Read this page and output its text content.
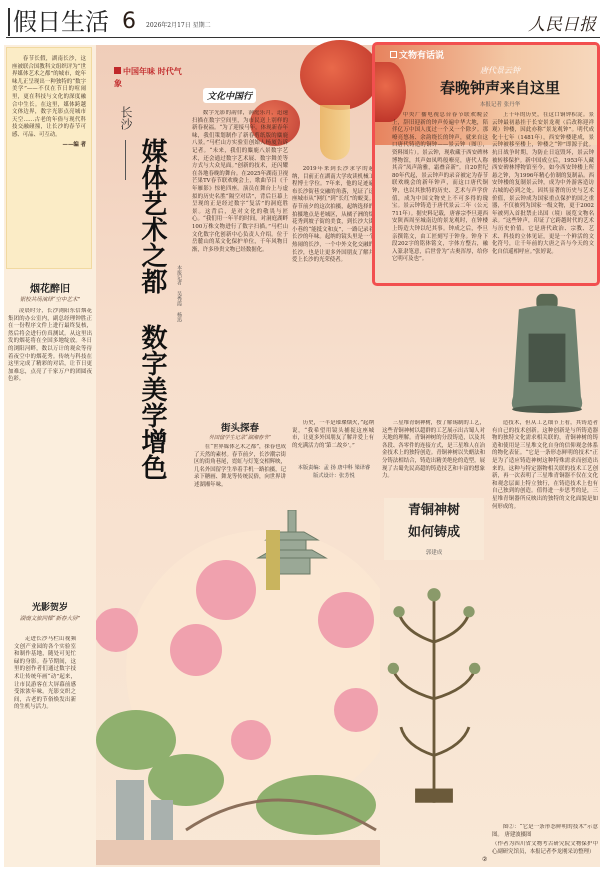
假日生活 6 2026年2月17日 星期二	人民日报
春节长假，湖南长沙，这座被联合国教科文组织评为“世界媒体艺术之都”的城市，蛇年味儿正呈现出一种独特的“数字美学”——不仅在节日的喧闹里，更在科技与文化的深度融合中生长。在这里，媒体跨越文体边界，数字光影点亮城市天空……古老的年俗与现代科技交融碰撞，让长沙的春节可感、可品、可互动。
——编 者
烟花醉旧
银校共场演绎“空中艺术”
凌晨时分，长沙浏阳东信烟花集团的办公室内，副总经理钟胜正在一份程序文件上进行最终复核，然后将会进行仿真测试。从这里出发的烟花将在全国多地绽放。冬日的浏阳河畔，数以万计的观众等待着夜空中的烟花秀。传统与科技在这里完成了精彩的对话，让节日更加难忘，点亮了千家万户的团圆夜色彩。
光影贺岁
湖南文旅同樑“新春大屏”
走进长沙马栏山视频文创产业园的各个实验室和制作基地，随处可见忙碌的身影。春节期间，这里的创作者们通过数字技术让传统年画“动”起来，让市民游客在大屏幕前感受浓浓年味。光影交织之间，古老的节俗焕发出新的生机与活力。
中国年味 时代气象
长沙
媒体艺术之都 数字美学增色 本报记者 吴秀霞 杨迅
文化中国行
数字光影的韵律，洞庭乐月，迅速扫描在数字空间里，为市民送上别样的新春祝福。“为了迎接马年，体现新春年味，我们策划制作了新春剪纸版的麋鹿八景。”马栏山方实验室创始人杨厦告诉记者。“未来，我们的麋鹿八景数字艺术，还会通过数字艺术展、数字舞美等方式与大众见面。”创新的技术，还闪耀在各地春晚的舞台。在2025年湖南卫视芒果TV春节联欢晚会上，歌曲节目《千年雁影》惊艳四座。演员在舞台上与虚拟的历史名胜“隔空对话”，背后巨幕上呈现的正是经过数字“复活”的洞庭胜景。这背后，是对文化的敬畏与匠心。“我们用一年半的时间，对洞庭湖畔100万株文物进行了数字扫描。”马栏山文化数字化创新中心负责人介绍。位于岳麓山的某文化保护单位，千年风物日渐，许多珍贵文物已经数据化。
2019年来到长沙求学的起纳，目前正在湖南大学攻读机械工程博士学位。7年来，他的足迹遍布长沙街巷交融的角落，见证了这座城市从“网红”到“长红”的蜕变。春节前夕的这次拍摄，起纳选择的拍摄地点是老城区，从橘子洲的烟花秀到坡子街的美食，到长沙大街小巷的“能抵文和友”，一路记录着长沙的年味。起纳的镜头里是一个热闹的长沙，一个中外文化交融的长沙，也是让更多外国朋友了解并爱上长沙的光荣使者。
街头探春
外国留学生记录“湖湘春节”
在“世界媒体艺术之都”，探春也成了天然的素材。春节前夕，长沙潮宗街区的街角巷尾，霓虹与灯笼交相辉映，几名外国留学生举着手机一路拍摄，记录下糖画、舞龙等传统民俗，向世界讲述湖湘年味。
历史，一半是璀璨烟火，”起纳说，“我希望用镜头捕捉这座城市，让更多外国朋友了解并爱上有的充满活力的‘第二故乡’。”
本版责编：孟 扬 唐中科 梁译睿
版式设计：张芳悦
文物有话说
唐代景云钟
春晚钟声来自这里
本报记者 张丹华
中央广播电视总台春节联欢晚会上，辞旧迎新的钟声传遍中华大地，陪伴亿万中国人度过一个又一个除夕。那嘹亮悠扬、余韵绕长的钟声，就来自这口唐代铸造的铜钟——景云钟（图①，资料图片）。景云钟，现收藏于西安碑林博物馆，其声如凤鸣般嘹亮，唐代人称其音“凤声韵雅，霜叠音新”。自20世纪80年代起，景云钟声的录音被定为春节联欢晚会的新年钟声，而这口唐代铜钟，也以其独特的历史、艺术与声学价值，成为中国文物史上不可多得的瑰宝。景云钟铸造于唐代景云二年（公元711年）。据史料记载，唐睿宗李旦迎西安陕西周至城南边的景龙观时，在钟楼上铸造大钟以纪其事。钟成之后，李旦亲撰铭文，由工匠刻写于钟身。钟身下段202字的铭体铭文，字体方整古，融入篆隶笔意，后世誉为“古奥浑厚，给你它明可及也”。
上千年的历史，在这口铜钟积淀。景云钟最初悬挂于长安景龙观（后改称迎祥观）钟楼，因此亦称“景龙观钟”。明代成化十七年（1481年），西安钟楼建成，景云钟被移至楼上，钟楼之“钟”即源于此。抗日战争时期，为防止日寇毁坏，景云钟被转移保护。新中国成立后，1953年人藏西安碑林博物馆至今。如今西安钟楼上所悬之钟，为1996年精心仿制的复制品。西安钟楼的复制景云钟，成为中外游客造访古城的必到之处。因其显著的历史与艺术价值，景云钟成为国家重点保护的国之重器，不仅被列为国家一级文物，更于2002年被列入首批禁止出国（境）展览文物名录。“这些钟声，印证了它跨越时代的艺术与历史价值。它是唐代政治、宗教、艺术、科技的立体见证，更是一个鲜活的文化符号，让千年前的大唐之音与今天的文化自信遥相呼应。”张婷说。
三星堆青铜神树，按了解锡制的工艺，这些青铜神树以超群的工艺展示出古蜀人对天地的理解。青铜神树的分段铸造，以及其各段、各零件的连接方式，是三星堆人在冶金技术上的独特创造。青铜神树以失蜡法和分铸法相结合，铸造出精美绝伦的造型，展现了古蜀先民高超的铸造技艺和丰富的想象力。
造技术，但从工艺细节上看，其铸造者有自己的技术创新。这种创新是与所铸造器物的独特文化需求相关联的，青铜神树的铸造和使用是三星堆文化自身的信仰观念体系的物化表征。“它是一条形态鲜明的技术”正是为了适应铸造神树这种特殊需求而创造出来的。这种与特定器物相关联的技术工艺创新，再一次表明了三星堆青铜器不仅在文化和观念层面上特立独行，在铸造技术上也有自己独到的创造。值得进一步思考的是，三星堆青铜器所反映出的独特的文化面貌是如何形成的。
青铜神树 如何铸成
郭建成
图②：“它是一条形态鲜明的技术”示意图。 唐建波摄图
（作者为四川省文物考古研究院文物保护中心副研究馆员，本报记者李龙刚采访整理）
②
